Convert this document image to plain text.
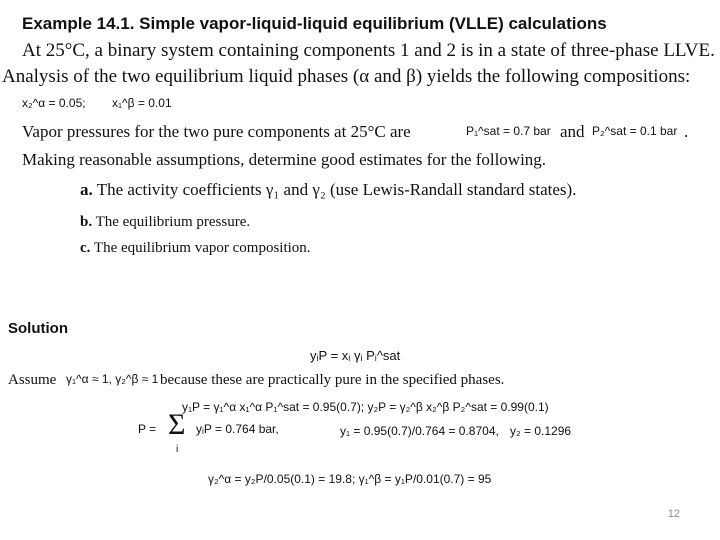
Example 14.1. Simple vapor-liquid-liquid equilibrium (VLLE) calculations
At 25°C, a binary system containing components 1 and 2 is in a state of three-phase LLVE.
Analysis of the two equilibrium liquid phases (α and β) yields the following compositions:
x₂^α = 0.05; x₁^β = 0.01
Vapor pressures for the two pure components at 25°C are	P₁^sat = 0.7 bar and P₂^sat = 0.1 bar .
Making reasonable assumptions, determine good estimates for the following.
a. The activity coefficients γ₁ and γ₂ (use Lewis-Randall standard states).
b. The equilibrium pressure.
c. The equilibrium vapor composition.
Solution
yᵢP = xᵢ γᵢ Pᵢ^sat
Assume γ₁^α ≈ 1, γ₂^β ≈ 1 because these are practically pure in the specified phases.
y₁P = γ₁^α x₁^α P₁^sat = 0.95(0.7); y₂P = γ₂^β x₂^β P₂^sat = 0.99(0.1)
P = Σ
i
yᵢP = 0.764 bar,	y₁ = 0.95(0.7)/0.764 = 0.8704, y₂ = 0.1296
γ₂^α = y₂P/0.05(0.1) = 19.8; γ₁^β = y₁P/0.01(0.7) = 95
12
